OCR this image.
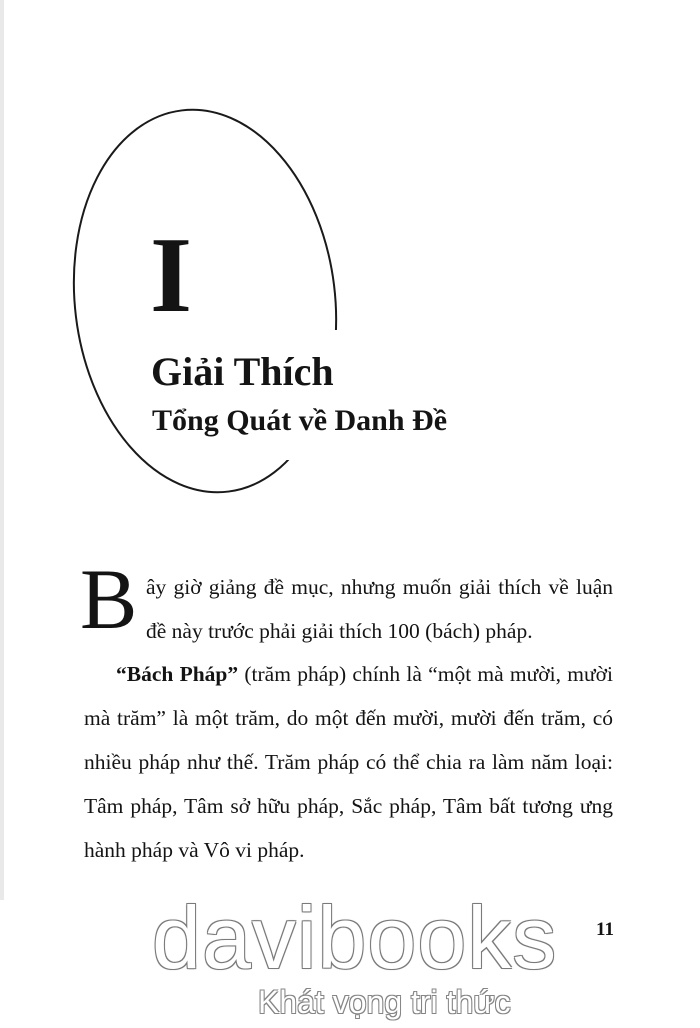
I
Giải Thích
Tổng Quát về Danh Đề
B ây giờ giảng đề mục, nhưng muốn giải thích về luận đề này trước phải giải thích 100 (bách) pháp.
“Bách Pháp” (trăm pháp) chính là “một mà mười, mười mà trăm” là một trăm, do một đến mười, mười đến trăm, có nhiều pháp như thế. Trăm pháp có thể chia ra làm năm loại: Tâm pháp, Tâm sở hữu pháp, Sắc pháp, Tâm bất tương ưng hành pháp và Vô vi pháp.
11
davibooks
Khát vọng tri thức
